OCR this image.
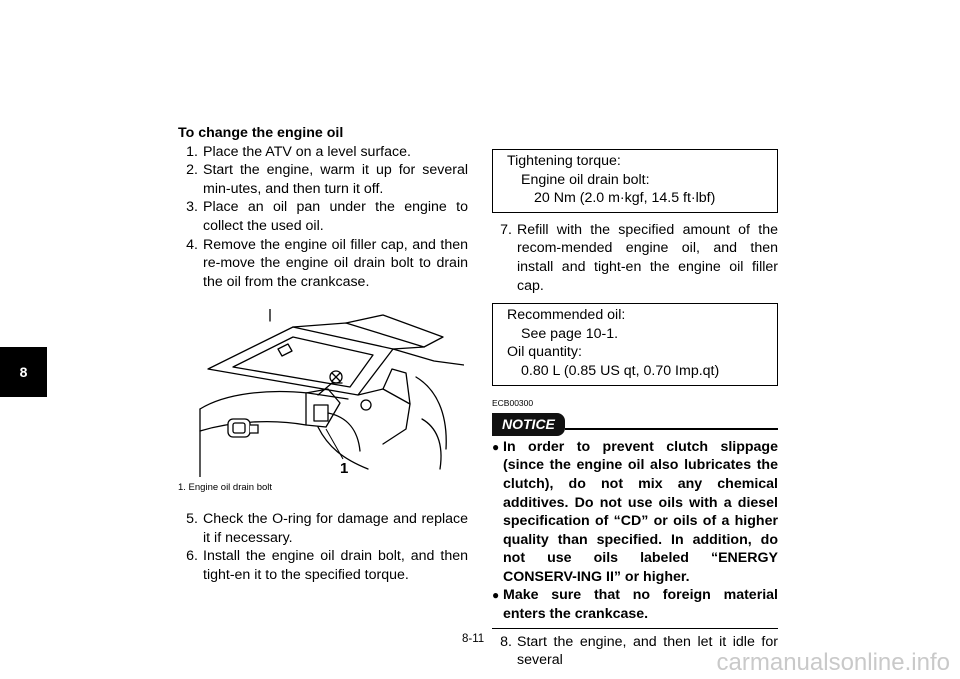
8
To change the engine oil
1. Place the ATV on a level surface.
2. Start the engine, warm it up for several min-utes, and then turn it off.
3. Place an oil pan under the engine to collect the used oil.
4. Remove the engine oil filler cap, and then re-move the engine oil drain bolt to drain the oil from the crankcase.
1
1. Engine oil drain bolt
5. Check the O-ring for damage and replace it if necessary.
6. Install the engine oil drain bolt, and then tight-en it to the specified torque.
Tightening torque:
Engine oil drain bolt:
20 Nm (2.0 m·kgf, 14.5 ft·lbf)
7. Refill with the specified amount of the recom-mended engine oil, and then install and tight-en the engine oil filler cap.
Recommended oil:
See page 10-1.
Oil quantity:
0.80 L (0.85 US qt, 0.70 Imp.qt)
ECB00300
NOTICE
● In order to prevent clutch slippage (since the engine oil also lubricates the clutch), do not mix any chemical additives. Do not use oils with a diesel specification of “CD” or oils of a higher quality than specified. In addition, do not use oils labeled “ENERGY CONSERV-ING II” or higher.
● Make sure that no foreign material enters the crankcase.
8. Start the engine, and then let it idle for several
8-11
carmanualsonline.info
